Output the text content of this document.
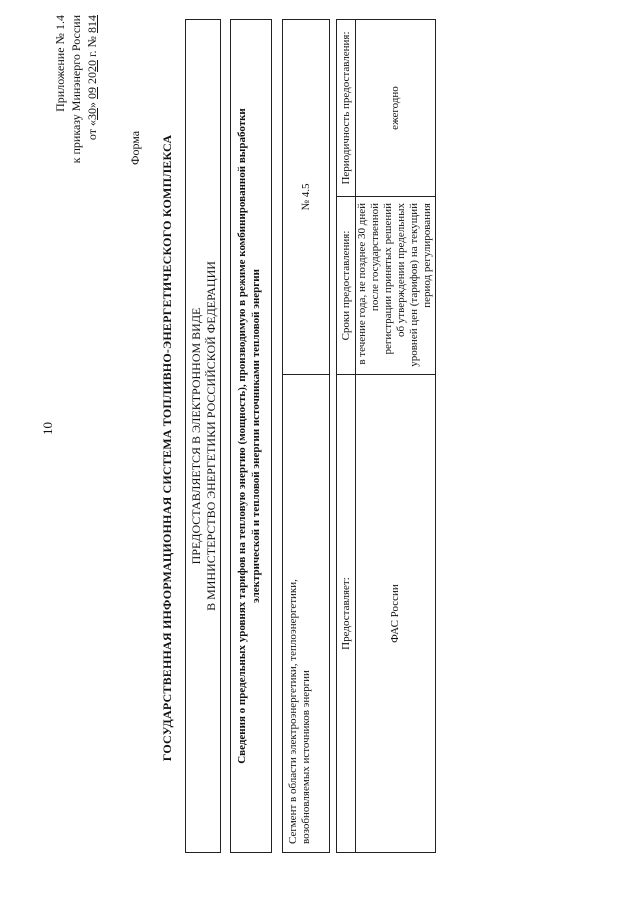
10
Приложение № 1.4 к приказу Минэнерго России от «30» 09 2020 г. № 814
Форма ГОСУДАРСТВЕННАЯ ИНФОРМАЦИОННАЯ СИСТЕМА ТОПЛИВНО-ЭНЕРГЕТИЧЕСКОГО КОМПЛЕКСА ПРЕДОСТАВЛЯЕТСЯ В ЭЛЕКТРОННОМ ВИДЕ В МИНИСТЕРСТВО ЭНЕРГЕТИКИ РОССИЙСКОЙ ФЕДЕРАЦИИ Сведения о предельных уровнях тарифов на тепловую энергию (мощность), производимую в режиме комбинированной выработки электрической и тепловой энергии источниками тепловой энергии
Сегмент в области электроэнергетики, теплоэнергетики, возобновляемых источников энергии
№ 4.5
Предоставляет:	ФАС России
Сроки предоставления: в течение года, не позднее 30 дней после государственной регистрации принятых решений об утверждении предельных уровней цен (тарифов) на текущий период регулирования
Периодичность предоставления:	ежегодно
